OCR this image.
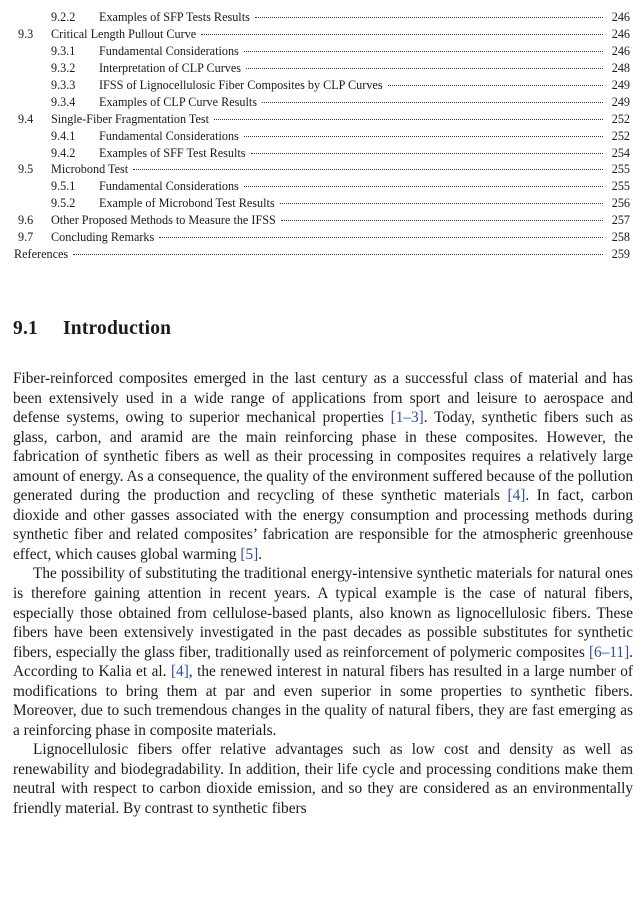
9.2.2	Examples of SFP Tests Results	246
9.3	Critical Length Pullout Curve	246
9.3.1	Fundamental Considerations	246
9.3.2	Interpretation of CLP Curves	248
9.3.3	IFSS of Lignocellulosic Fiber Composites by CLP Curves	249
9.3.4	Examples of CLP Curve Results	249
9.4	Single-Fiber Fragmentation Test	252
9.4.1	Fundamental Considerations	252
9.4.2	Examples of SFF Test Results	254
9.5	Microbond Test	255
9.5.1	Fundamental Considerations	255
9.5.2	Example of Microbond Test Results	256
9.6	Other Proposed Methods to Measure the IFSS	257
9.7	Concluding Remarks	258
References	259
9.1 Introduction

Fiber-reinforced composites emerged in the last century as a successful class of material and has been extensively used in a wide range of applications from sport and leisure to aerospace and defense systems, owing to superior mechanical properties [1–3]. Today, synthetic fibers such as glass, carbon, and aramid are the main reinforcing phase in these composites. However, the fabrication of synthetic fibers as well as their processing in composites requires a relatively large amount of energy. As a consequence, the quality of the environment suffered because of the pollution generated during the production and recycling of these synthetic materials [4]. In fact, carbon dioxide and other gasses associated with the energy consumption and processing methods during synthetic fiber and related composites’ fabrication are responsible for the atmospheric greenhouse effect, which causes global warming [5].

The possibility of substituting the traditional energy-intensive synthetic materials for natural ones is therefore gaining attention in recent years. A typical example is the case of natural fibers, especially those obtained from cellulose-based plants, also known as lignocellulosic fibers. These fibers have been extensively investigated in the past decades as possible substitutes for synthetic fibers, especially the glass fiber, traditionally used as reinforcement of polymeric composites [6–11]. According to Kalia et al. [4], the renewed interest in natural fibers has resulted in a large number of modifications to bring them at par and even superior in some properties to synthetic fibers. Moreover, due to such tremendous changes in the quality of natural fibers, they are fast emerging as a reinforcing phase in composite materials.

Lignocellulosic fibers offer relative advantages such as low cost and density as well as renewability and biodegradability. In addition, their life cycle and processing conditions make them neutral with respect to carbon dioxide emission, and so they are considered as an environmentally friendly material. By contrast to synthetic fibers
